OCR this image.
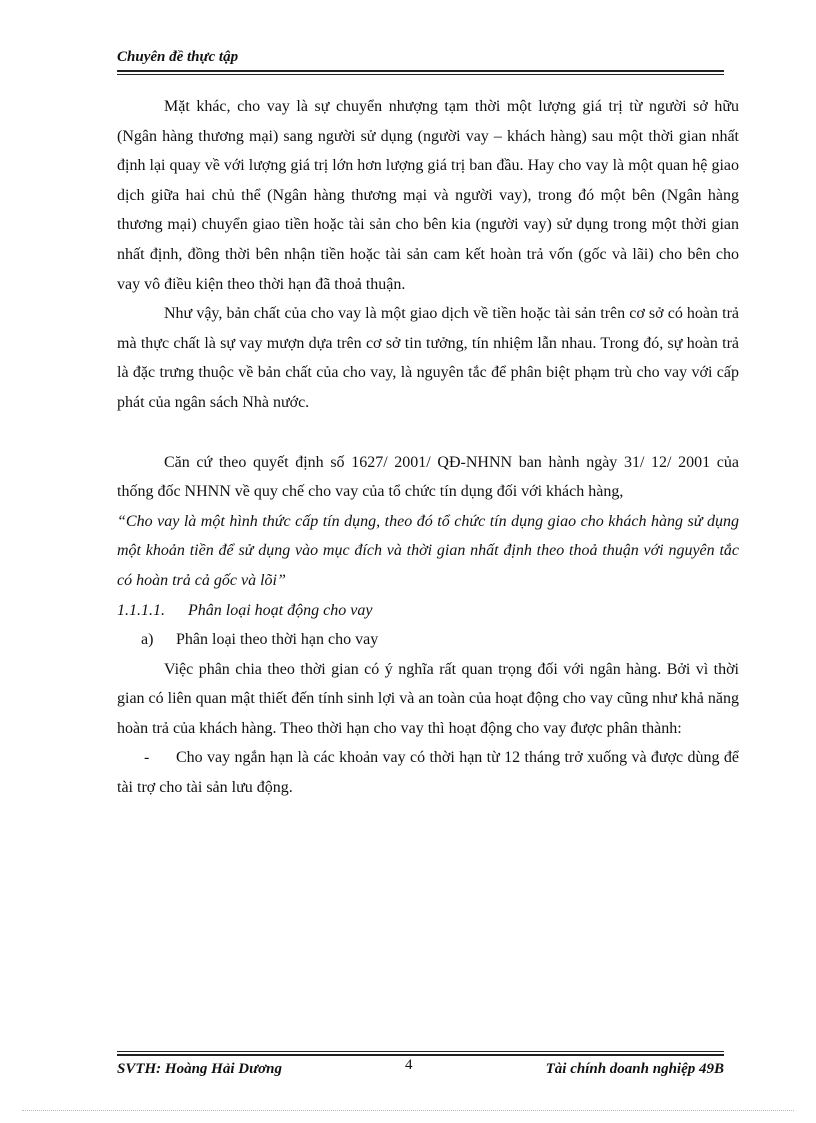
Chuyên đề thực tập

Mặt khác, cho vay là sự chuyển nhượng tạm thời một lượng giá trị từ người sở hữu (Ngân hàng thương mại) sang người sử dụng (người vay – khách hàng) sau một thời gian nhất định lại quay về với lượng giá trị lớn hơn lượng giá trị ban đầu. Hay cho vay là một quan hệ giao dịch giữa hai chủ thể (Ngân hàng thương mại và người vay), trong đó một bên (Ngân hàng thương mại) chuyển giao tiền hoặc tài sản cho bên kia (người vay) sử dụng trong một thời gian nhất định, đồng thời bên nhận tiền hoặc tài sản cam kết hoàn trả vốn (gốc và lãi) cho bên cho vay vô điều kiện theo thời hạn đã thoả thuận.

Như vậy, bản chất của cho vay là một giao dịch về tiền hoặc tài sản trên cơ sở có hoàn trả mà thực chất là sự vay mượn dựa trên cơ sở tin tưởng, tín nhiệm lẫn nhau. Trong đó, sự hoàn trả là đặc trưng thuộc về bản chất của cho vay, là nguyên tắc để phân biệt phạm trù cho vay với cấp phát của ngân sách Nhà nước.

Căn cứ theo quyết định số 1627/ 2001/ QĐ-NHNN ban hành ngày 31/ 12/ 2001 của thống đốc NHNN về quy chế cho vay của tổ chức tín dụng đối với khách hàng,

“Cho vay là một hình thức cấp tín dụng, theo đó tổ chức tín dụng giao cho khách hàng sử dụng một khoản tiền để sử dụng vào mục đích và thời gian nhất định theo thoả thuận với nguyên tắc có hoàn trả cả gốc và lõi”

1.1.1.1. Phân loại hoạt động cho vay
a) Phân loại theo thời hạn cho vay

Việc phân chia theo thời gian có ý nghĩa rất quan trọng đối với ngân hàng. Bởi vì thời gian có liên quan mật thiết đến tính sinh lợi và an toàn của hoạt động cho vay cũng như khả năng hoàn trả của khách hàng. Theo thời hạn cho vay thì hoạt động cho vay được phân thành:

- Cho vay ngắn hạn là các khoản vay có thời hạn từ 12 tháng trở xuống và được dùng để tài trợ cho tài sản lưu động.

SVTH: Hoàng Hải Dương	4	Tài chính doanh nghiệp 49B
